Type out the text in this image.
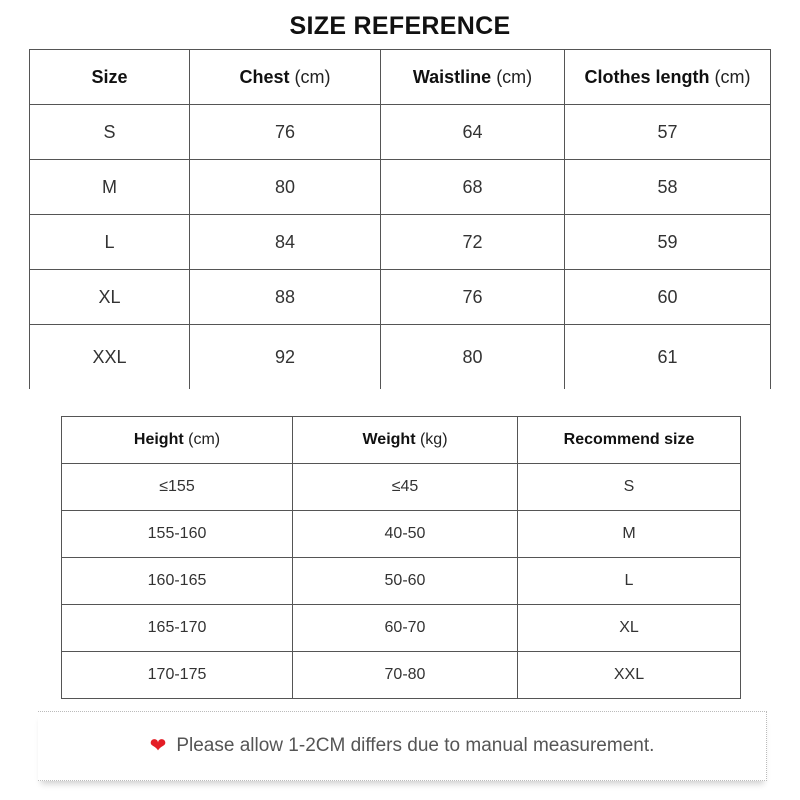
SIZE REFERENCE
Size	Chest (cm)	Waistline (cm)	Clothes length (cm)
S	76	64	57
M	80	68	58
L	84	72	59
XL	88	76	60
XXL	92	80	61
Height (cm)	Weight (kg)	Recommend size
≤155	≤45	S
155-160	40-50	M
160-165	50-60	L
165-170	60-70	XL
170-175	70-80	XXL
❤ Please allow 1-2CM differs due to manual measurement.
